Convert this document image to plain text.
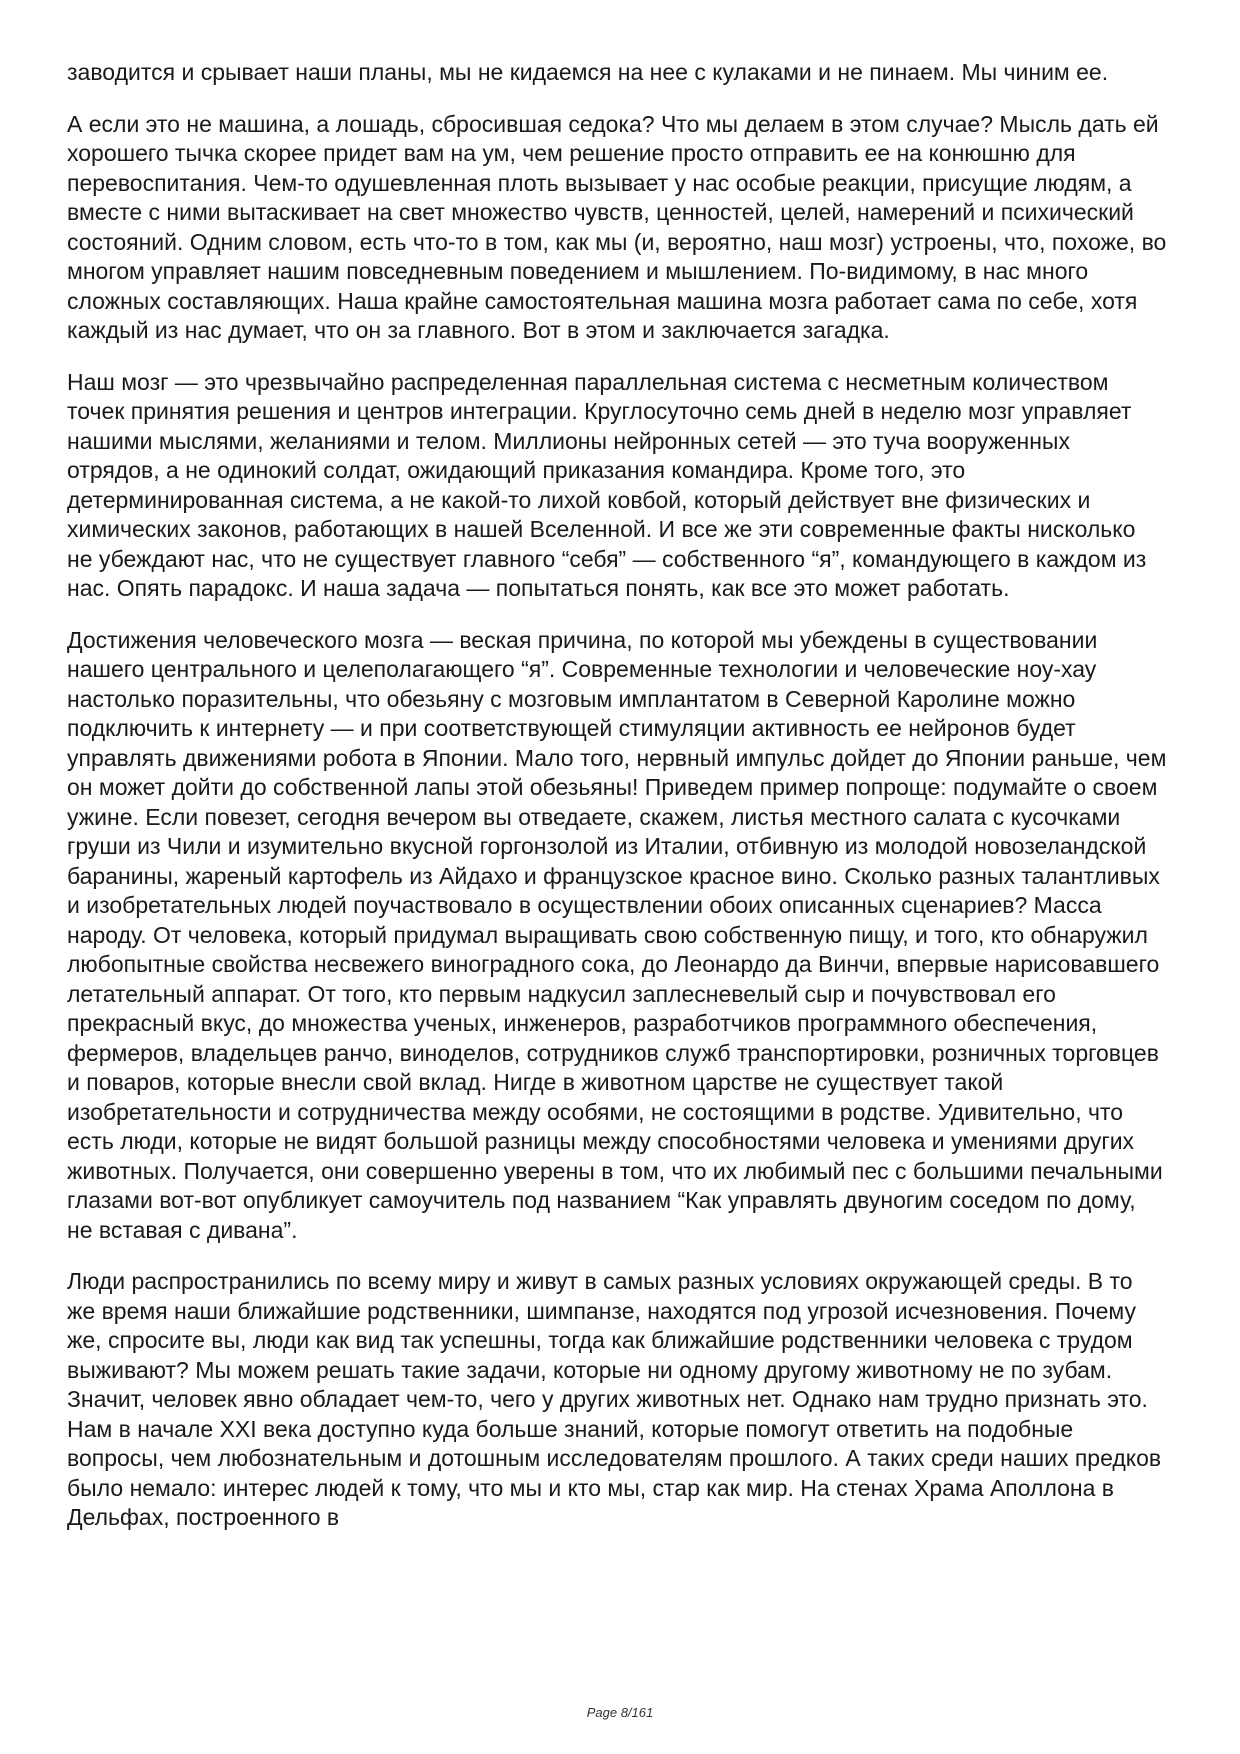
заводится и срывает наши планы, мы не кидаемся на нее с кулаками и не пинаем. Мы чиним ее.

А если это не машина, а лошадь, сбросившая седока? Что мы делаем в этом случае? Мысль дать ей хорошего тычка скорее придет вам на ум, чем решение просто отправить ее на конюшню для перевоспитания. Чем-то одушевленная плоть вызывает у нас особые реакции, присущие людям, а вместе с ними вытаскивает на свет множество чувств, ценностей, целей, намерений и психический состояний. Одним словом, есть что-то в том, как мы (и, вероятно, наш мозг) устроены, что, похоже, во многом управляет нашим повседневным поведением и мышлением. По-видимому, в нас много сложных составляющих. Наша крайне самостоятельная машина мозга работает сама по себе, хотя каждый из нас думает, что он за главного. Вот в этом и заключается загадка.

Наш мозг — это чрезвычайно распределенная параллельная система с несметным количеством точек принятия решения и центров интеграции. Круглосуточно семь дней в неделю мозг управляет нашими мыслями, желаниями и телом. Миллионы нейронных сетей — это туча вооруженных отрядов, а не одинокий солдат, ожидающий приказания командира. Кроме того, это детерминированная система, а не какой-то лихой ковбой, который действует вне физических и химических законов, работающих в нашей Вселенной. И все же эти современные факты нисколько не убеждают нас, что не существует главного “себя” — собственного “я”, командующего в каждом из нас. Опять парадокс. И наша задача — попытаться понять, как все это может работать.

Достижения человеческого мозга — веская причина, по которой мы убеждены в существовании нашего центрального и целеполагающего “я”. Современные технологии и человеческие ноу-хау настолько поразительны, что обезьяну с мозговым имплантатом в Северной Каролине можно подключить к интернету — и при соответствующей стимуляции активность ее нейронов будет управлять движениями робота в Японии. Мало того, нервный импульс дойдет до Японии раньше, чем он может дойти до собственной лапы этой обезьяны! Приведем пример попроще: подумайте о своем ужине. Если повезет, сегодня вечером вы отведаете, скажем, листья местного салата с кусочками груши из Чили и изумительно вкусной горгонзолой из Италии, отбивную из молодой новозеландской баранины, жареный картофель из Айдахо и французское красное вино. Сколько разных талантливых и изобретательных людей поучаствовало в осуществлении обоих описанных сценариев? Масса народу. От человека, который придумал выращивать свою собственную пищу, и того, кто обнаружил любопытные свойства несвежего виноградного сока, до Леонардо да Винчи, впервые нарисовавшего летательный аппарат. От того, кто первым надкусил заплесневелый сыр и почувствовал его прекрасный вкус, до множества ученых, инженеров, разработчиков программного обеспечения, фермеров, владельцев ранчо, виноделов, сотрудников служб транспортировки, розничных торговцев и поваров, которые внесли свой вклад. Нигде в животном царстве не существует такой изобретательности и сотрудничества между особями, не состоящими в родстве. Удивительно, что есть люди, которые не видят большой разницы между способностями человека и умениями других животных. Получается, они совершенно уверены в том, что их любимый пес с большими печальными глазами вот-вот опубликует самоучитель под названием “Как управлять двуногим соседом по дому, не вставая с дивана”.

Люди распространились по всему миру и живут в самых разных условиях окружающей среды. В то же время наши ближайшие родственники, шимпанзе, находятся под угрозой исчезновения. Почему же, спросите вы, люди как вид так успешны, тогда как ближайшие родственники человека с трудом выживают? Мы можем решать такие задачи, которые ни одному другому животному не по зубам. Значит, человек явно обладает чем-то, чего у других животных нет. Однако нам трудно признать это. Нам в начале XXI века доступно куда больше знаний, которые помогут ответить на подобные вопросы, чем любознательным и дотошным исследователям прошлого. А таких среди наших предков было немало: интерес людей к тому, что мы и кто мы, стар как мир. На стенах Храма Аполлона в Дельфах, построенного в

Page 8/161
